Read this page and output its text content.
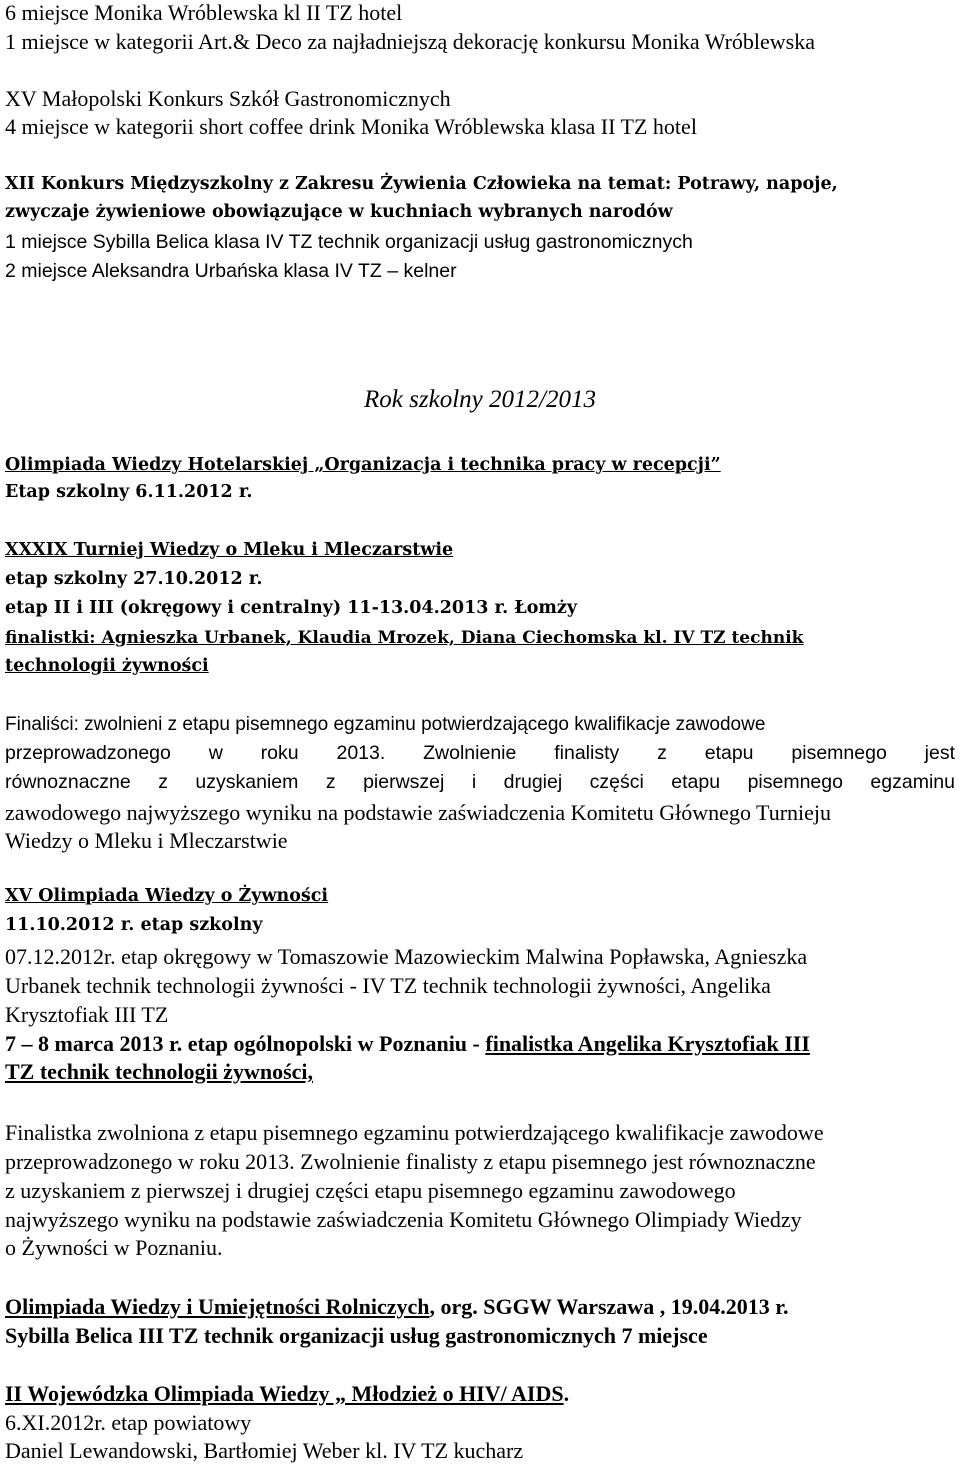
6 miejsce Monika Wróblewska kl II TZ hotel
1 miejsce w kategorii Art.& Deco za najładniejszą dekorację konkursu Monika Wróblewska
XV Małopolski Konkurs Szkół Gastronomicznych
4 miejsce w kategorii short coffee drink Monika Wróblewska klasa II TZ hotel
XII Konkurs Międzyszkolny z Zakresu Żywienia Człowieka na temat: Potrawy, napoje,
zwyczaje żywieniowe obowiązujące w kuchniach wybranych narodów
1 miejsce Sybilla Belica klasa IV TZ technik organizacji usług gastronomicznych
2 miejsce Aleksandra Urbańska klasa IV TZ – kelner
Rok szkolny 2012/2013
Olimpiada Wiedzy Hotelarskiej „Organizacja i technika pracy w recepcji”
Etap szkolny 6.11.2012 r.
XXXIX Turniej Wiedzy o Mleku i Mleczarstwie
etap szkolny 27.10.2012 r.
etap II i III (okręgowy i centralny) 11-13.04.2013 r. Łomży
finalistki: Agnieszka Urbanek, Klaudia Mrozek, Diana Ciechomska kl. IV TZ technik
technologii żywności
Finaliści: zwolnieni z etapu pisemnego egzaminu potwierdzającego kwalifikacje zawodowe
przeprowadzonego w roku 2013. Zwolnienie finalisty z etapu pisemnego jest
równoznaczne z uzyskaniem z pierwszej i drugiej części etapu pisemnego egzaminu
zawodowego najwyższego wyniku na podstawie zaświadczenia Komitetu Głównego Turnieju
Wiedzy o Mleku i Mleczarstwie
XV Olimpiada Wiedzy o Żywności
11.10.2012 r. etap szkolny
07.12.2012r. etap okręgowy w Tomaszowie Mazowieckim Malwina Popławska, Agnieszka
Urbanek technik technologii żywności - IV TZ technik technologii żywności, Angelika
Krysztofiak III TZ
7 – 8 marca 2013 r. etap ogólnopolski w Poznaniu - finalistka Angelika Krysztofiak III
TZ technik technologii żywności,
Finalistka zwolniona z etapu pisemnego egzaminu potwierdzającego kwalifikacje zawodowe
przeprowadzonego w roku 2013. Zwolnienie finalisty z etapu pisemnego jest równoznaczne
z uzyskaniem z pierwszej i drugiej części etapu pisemnego egzaminu zawodowego
najwyższego wyniku na podstawie zaświadczenia Komitetu Głównego Olimpiady Wiedzy
o Żywności w Poznaniu.
Olimpiada Wiedzy i Umiejętności Rolniczych, org. SGGW Warszawa , 19.04.2013 r.
Sybilla Belica III TZ technik organizacji usług gastronomicznych 7 miejsce
II Wojewódzka Olimpiada Wiedzy „ Młodzież o HIV/ AIDS.
6.XI.2012r. etap powiatowy
Daniel Lewandowski, Bartłomiej Weber kl. IV TZ kucharz
